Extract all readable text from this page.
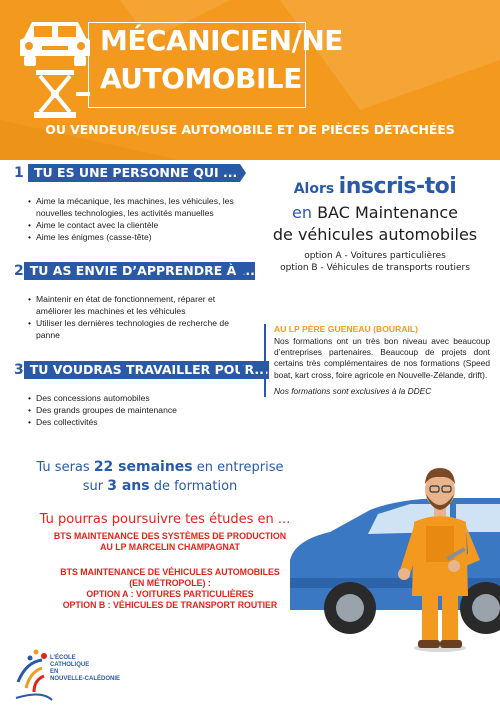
MÉCANICIEN/NE
AUTOMOBILE
OU VENDEUR/EUSE AUTOMOBILE ET DE PIÈCES DÉTACHÉES
1 TU ES UNE PERSONNE QUI ...
• Aime la mécanique, les machines, les véhicules, les nouvelles technologies, les activités manuelles
• Aime le contact avec la clientèle
• Aime les énigmes (casse-tête)
2 TU AS ENVIE D’APPRENDRE À ...
• Maintenir en état de fonctionnement, réparer et améliorer les machines et les véhicules
• Utiliser les dernières technologies de recherche de panne
3 TU VOUDRAS TRAVAILLER POUR...
• Des concessions automobiles
• Des grands groupes de maintenance
• Des collectivités
Alors inscris-toi
en BAC Maintenance
de véhicules automobiles
option A - Voitures particulières
option B - Véhicules de transports routiers
AU LP PÈRE GUENEAU (BOURAIL)
Nos formations ont un très bon niveau avec beaucoup d’entreprises partenaires. Beaucoup de projets dont certains très complémentaires de nos formations (Speed boat, kart cross, foire agricole en Nouvelle-Zélande, drift).
Nos formations sont exclusives à la DDEC
Tu seras 22 semaines en entreprise
sur 3 ans de formation
Tu pourras poursuivre tes études en ...
BTS MAINTENANCE DES SYSTÈMES DE PRODUCTION
AU LP MARCELIN CHAMPAGNAT
BTS MAINTENANCE DE VÉHICULES AUTOMOBILES
(EN MÉTROPOLE) :
OPTION A : VOITURES PARTICULIÈRES
OPTION B : VÉHICULES DE TRANSPORT ROUTIER
L’ÉCOLE
CATHOLIQUE
EN
NOUVELLE-CALÉDONIE
